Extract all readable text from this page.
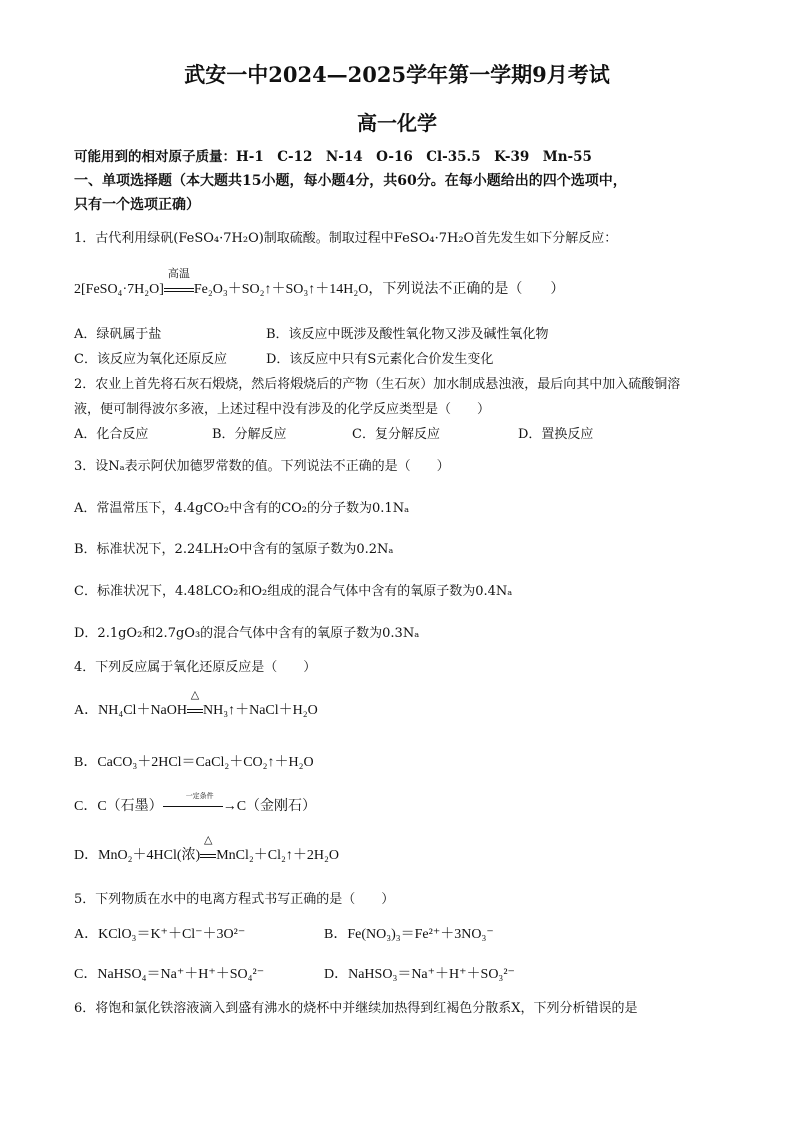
武安一中2024—2025学年第一学期9月考试
高一化学
可能用到的相对原子质量：H-1　C-12　N-14　O-16　Cl-35.5　K-39　Mn-55
一、单项选择题（本大题共15小题，每小题4分，共60分。在每小题给出的四个选项中，
只有一个选项正确）
1．古代利用绿矾(FeSO₄·7H₂O)制取硫酸。制取过程中FeSO₄·7H₂O首先发生如下分解反应：
2[FeSO₄·7H₂O]
高温
Fe₂O₃＋SO₂↑＋SO₃↑＋14H₂O，下列说法不正确的是（　　）
A．绿矾属于盐	B．该反应中既涉及酸性氧化物又涉及碱性氧化物
C．该反应为氧化还原反应	D．该反应中只有S元素化合价发生变化
2．农业上首先将石灰石煅烧，然后将煅烧后的产物（生石灰）加水制成悬浊液，最后向其中加入硫酸铜溶
液，便可制得波尔多液，上述过程中没有涉及的化学反应类型是（　　）
A．化合反应	B．分解反应	C．复分解反应	D．置换反应
3．设Nₐ表示阿伏加德罗常数的值。下列说法不正确的是（　　）
A．常温常压下，4.4gCO₂中含有的CO₂的分子数为0.1Nₐ
B．标准状况下，2.24LH₂O中含有的氢原子数为0.2Nₐ
C．标准状况下，4.48LCO₂和O₂组成的混合气体中含有的氧原子数为0.4Nₐ
D．2.1gO₂和2.7gO₃的混合气体中含有的氧原子数为0.3Nₐ
4．下列反应属于氧化还原反应是（　　）
A．NH₄Cl＋NaOH
△
NH₃↑＋NaCl＋H₂O
B．CaCO₃＋2HCl＝CaCl₂＋CO₂↑＋H₂O
C．C（石墨）
一定条件
→C（金刚石）
D．MnO₂＋4HCl(浓)
△
MnCl₂＋Cl₂↑＋2H₂O
5．下列物质在水中的电离方程式书写正确的是（　　）
A．KClO₃＝K⁺＋Cl⁻＋3O²⁻	B．Fe(NO₃)₃＝Fe²⁺＋3NO₃⁻
C．NaHSO₄＝Na⁺＋H⁺＋SO₄²⁻	D．NaHSO₃＝Na⁺＋H⁺＋SO₃²⁻
6．将饱和氯化铁溶液滴入到盛有沸水的烧杯中并继续加热得到红褐色分散系X，下列分析错误的是
